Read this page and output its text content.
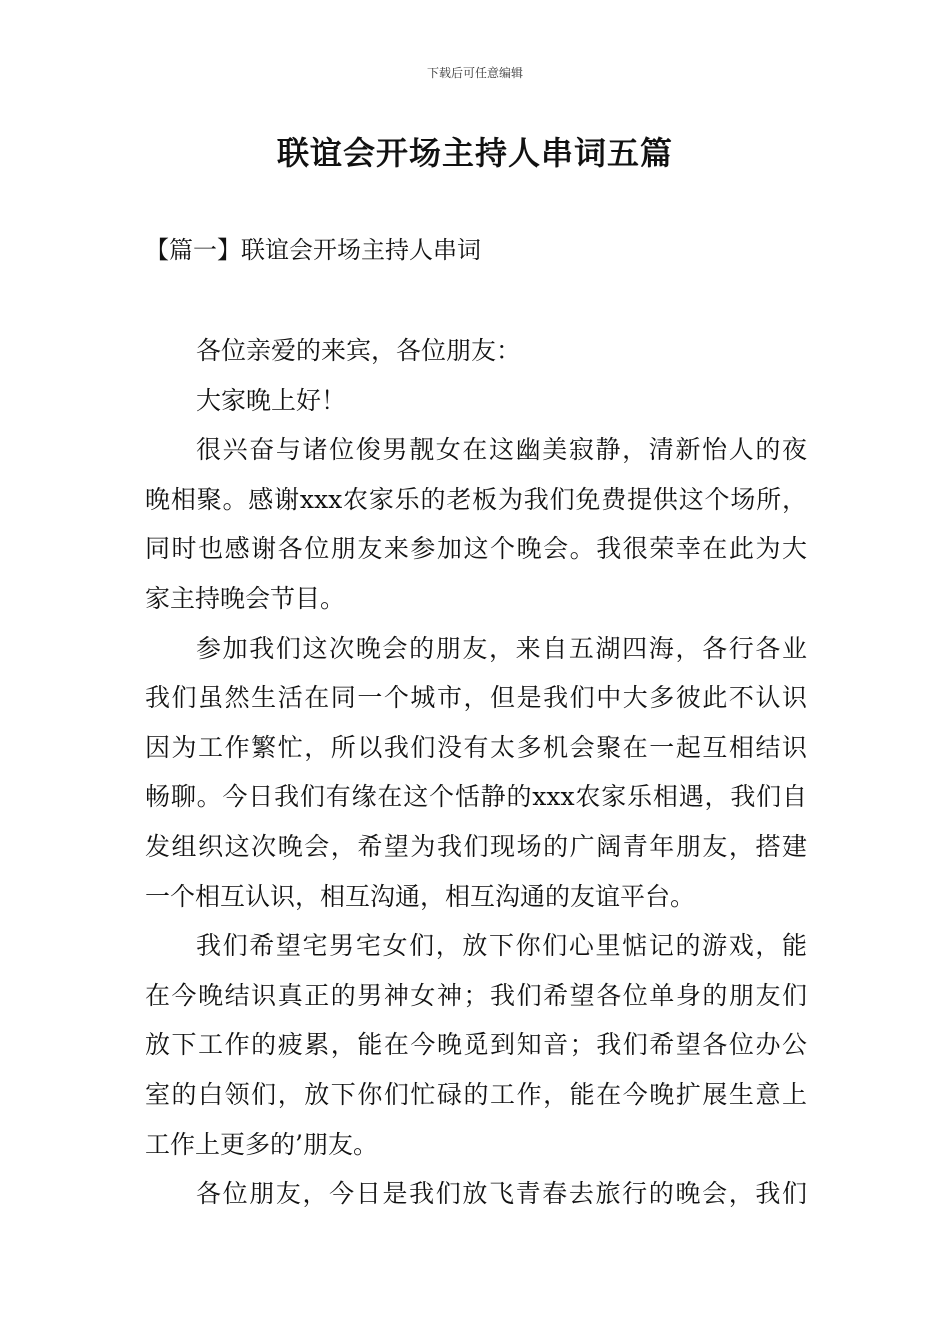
下载后可任意编辑
联谊会开场主持人串词五篇
【篇一】联谊会开场主持人串词
各位亲爱的来宾，各位朋友：
大家晚上好！
很兴奋与诸位俊男靓女在这幽美寂静，清新怡人的夜
晚相聚。感谢xxx农家乐的老板为我们免费提供这个场所，
同时也感谢各位朋友来参加这个晚会。我很荣幸在此为大
家主持晚会节目。
参加我们这次晚会的朋友，来自五湖四海，各行各业
我们虽然生活在同一个城市，但是我们中大多彼此不认识
因为工作繁忙，所以我们没有太多机会聚在一起互相结识
畅聊。今日我们有缘在这个恬静的xxx农家乐相遇，我们自
发组织这次晚会，希望为我们现场的广阔青年朋友，搭建
一个相互认识，相互沟通，相互沟通的友谊平台。
我们希望宅男宅女们，放下你们心里惦记的游戏，能
在今晚结识真正的男神女神；我们希望各位单身的朋友们
放下工作的疲累，能在今晚觅到知音；我们希望各位办公
室的白领们，放下你们忙碌的工作，能在今晚扩展生意上
工作上更多的’朋友。
各位朋友，今日是我们放飞青春去旅行的晚会，我们
